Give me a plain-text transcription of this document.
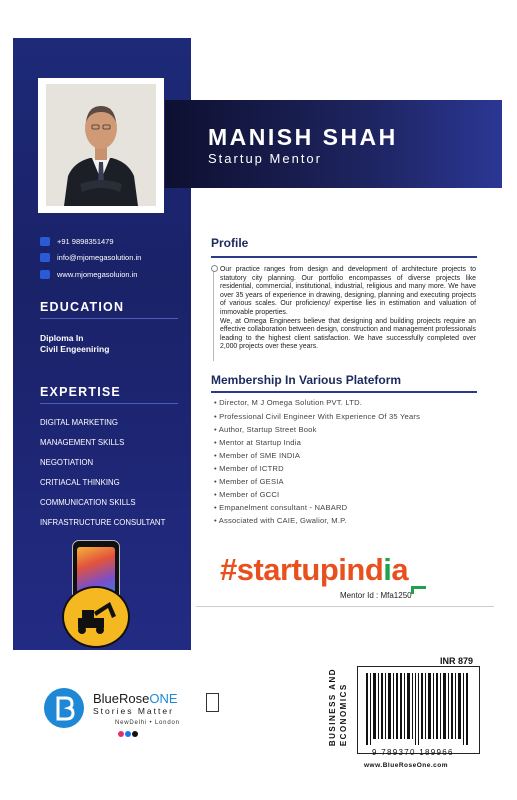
MANISH SHAH
Startup Mentor
+91 9898351479
info@mjomegasolution.in
www.mjomegasoluion.in
EDUCATION
Diploma In
Civil Engeeniring
EXPERTISE
DIGITAL MARKETING
MANAGEMENT SKILLS
NEGOTIATION
CRITIACAL THINKING
COMMUNICATION SKILLS
INFRASTRUCTURE CONSULTANT
Profile
Our practice ranges from design and development of architecture projects to statutory city planning. Our portfolio encompasses of diverse projects like residential, commercial, institutional, industrial, religious and many more. We have over 35 years of experience in drawing, designing, planning and executing projects of various scales. Our proficiency/ expertise lies in estimation and valuation of immovable properties.
We, at Omega Engineers believe that designing and building projects require an effective collaboration between design, construction and management professionals leading to the highest client satisfaction. We have successfully completed over 2,000 projects over these years.
Membership In Various Plateform
• Director, M J Omega Solution PVT. LTD.
• Professional Civil Engineer With Experience Of 35 Years
• Author, Startup Street Book
• Mentor at Startup India
• Member of SME INDIA
• Member of ICTRD
• Member of GESIA
• Member of GCCI
• Empanelment consultant - NABARD
• Associated with CAIE, Gwalior, M.P.
#startupindia
Mentor Id : Mfa1250
INR 879
BUSINESS AND ECONOMICS
9 789370 189966
www.BlueRoseOne.com
BlueRoseONE
Stories Matter
NewDelhi • London
